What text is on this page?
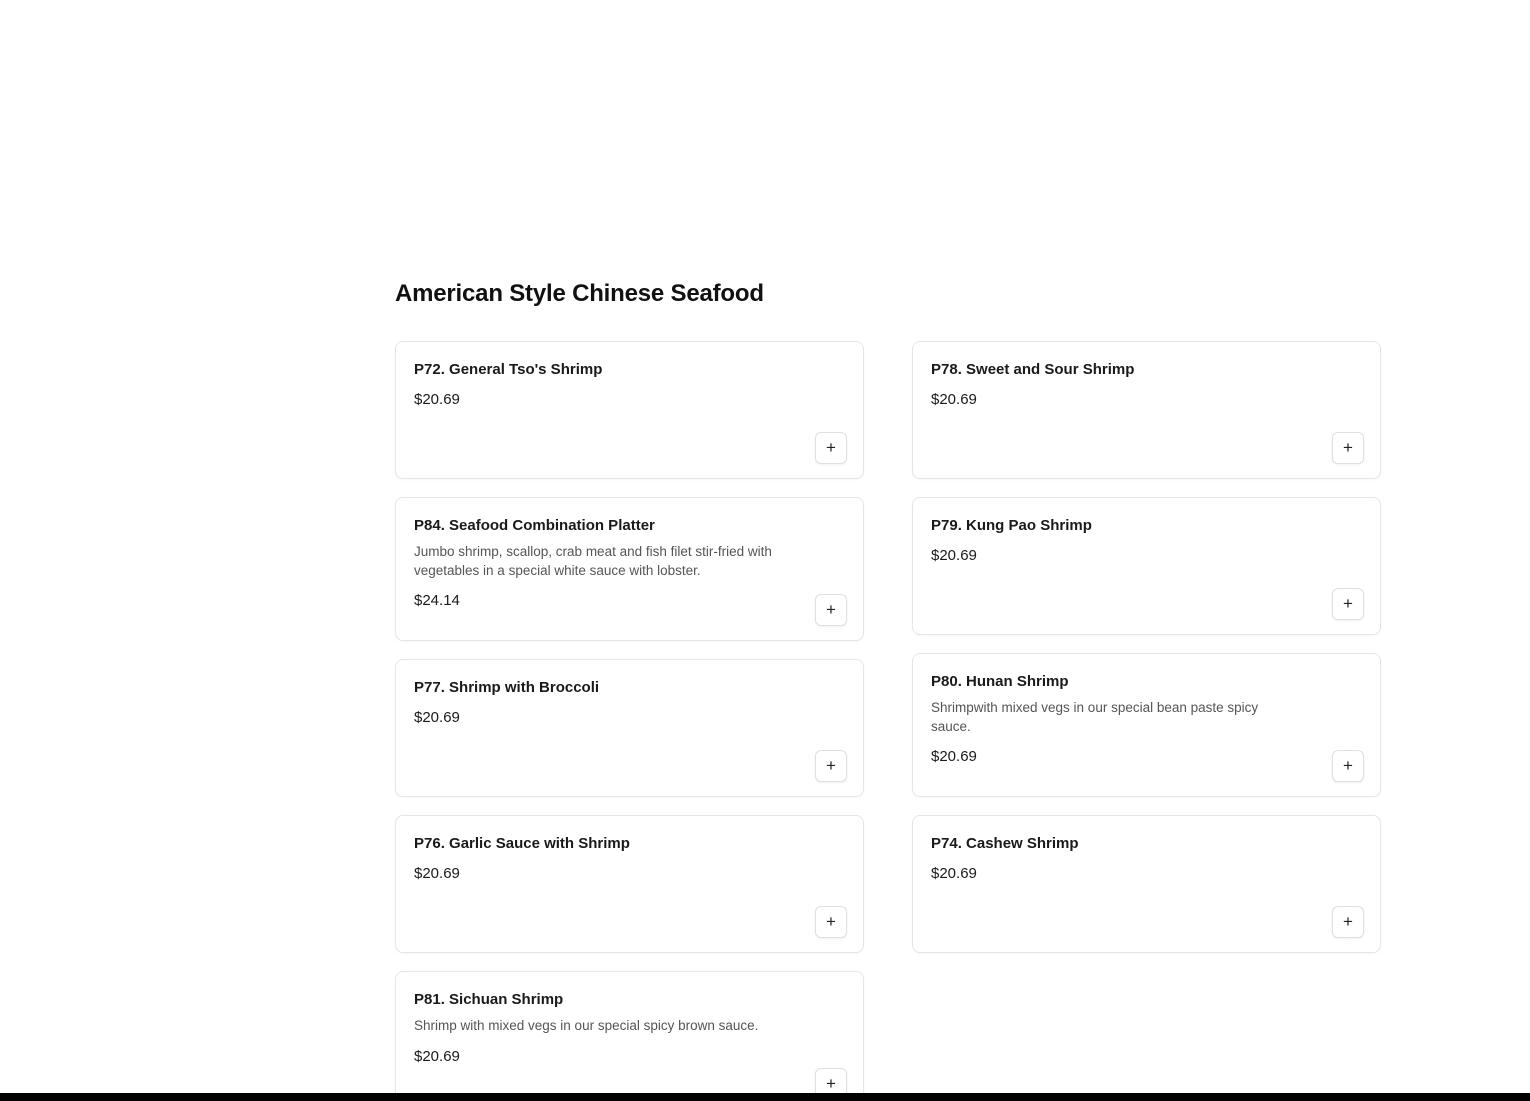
American Style Chinese Seafood

P72. General Tso's Shrimp

$20.69

+

P84. Seafood Combination Platter

Jumbo shrimp, scallop, crab meat and fish filet stir-fried with vegetables in a special white sauce with lobster.

$24.14

+

P77. Shrimp with Broccoli

$20.69

+

P76. Garlic Sauce with Shrimp

$20.69

+

P81. Sichuan Shrimp

Shrimp with mixed vegs in our special spicy brown sauce.

$20.69

+

P78. Sweet and Sour Shrimp

$20.69

+

P79. Kung Pao Shrimp

$20.69

+

P80. Hunan Shrimp

Shrimpwith mixed vegs in our special bean paste spicy sauce.

$20.69

+

P74. Cashew Shrimp

$20.69

+
